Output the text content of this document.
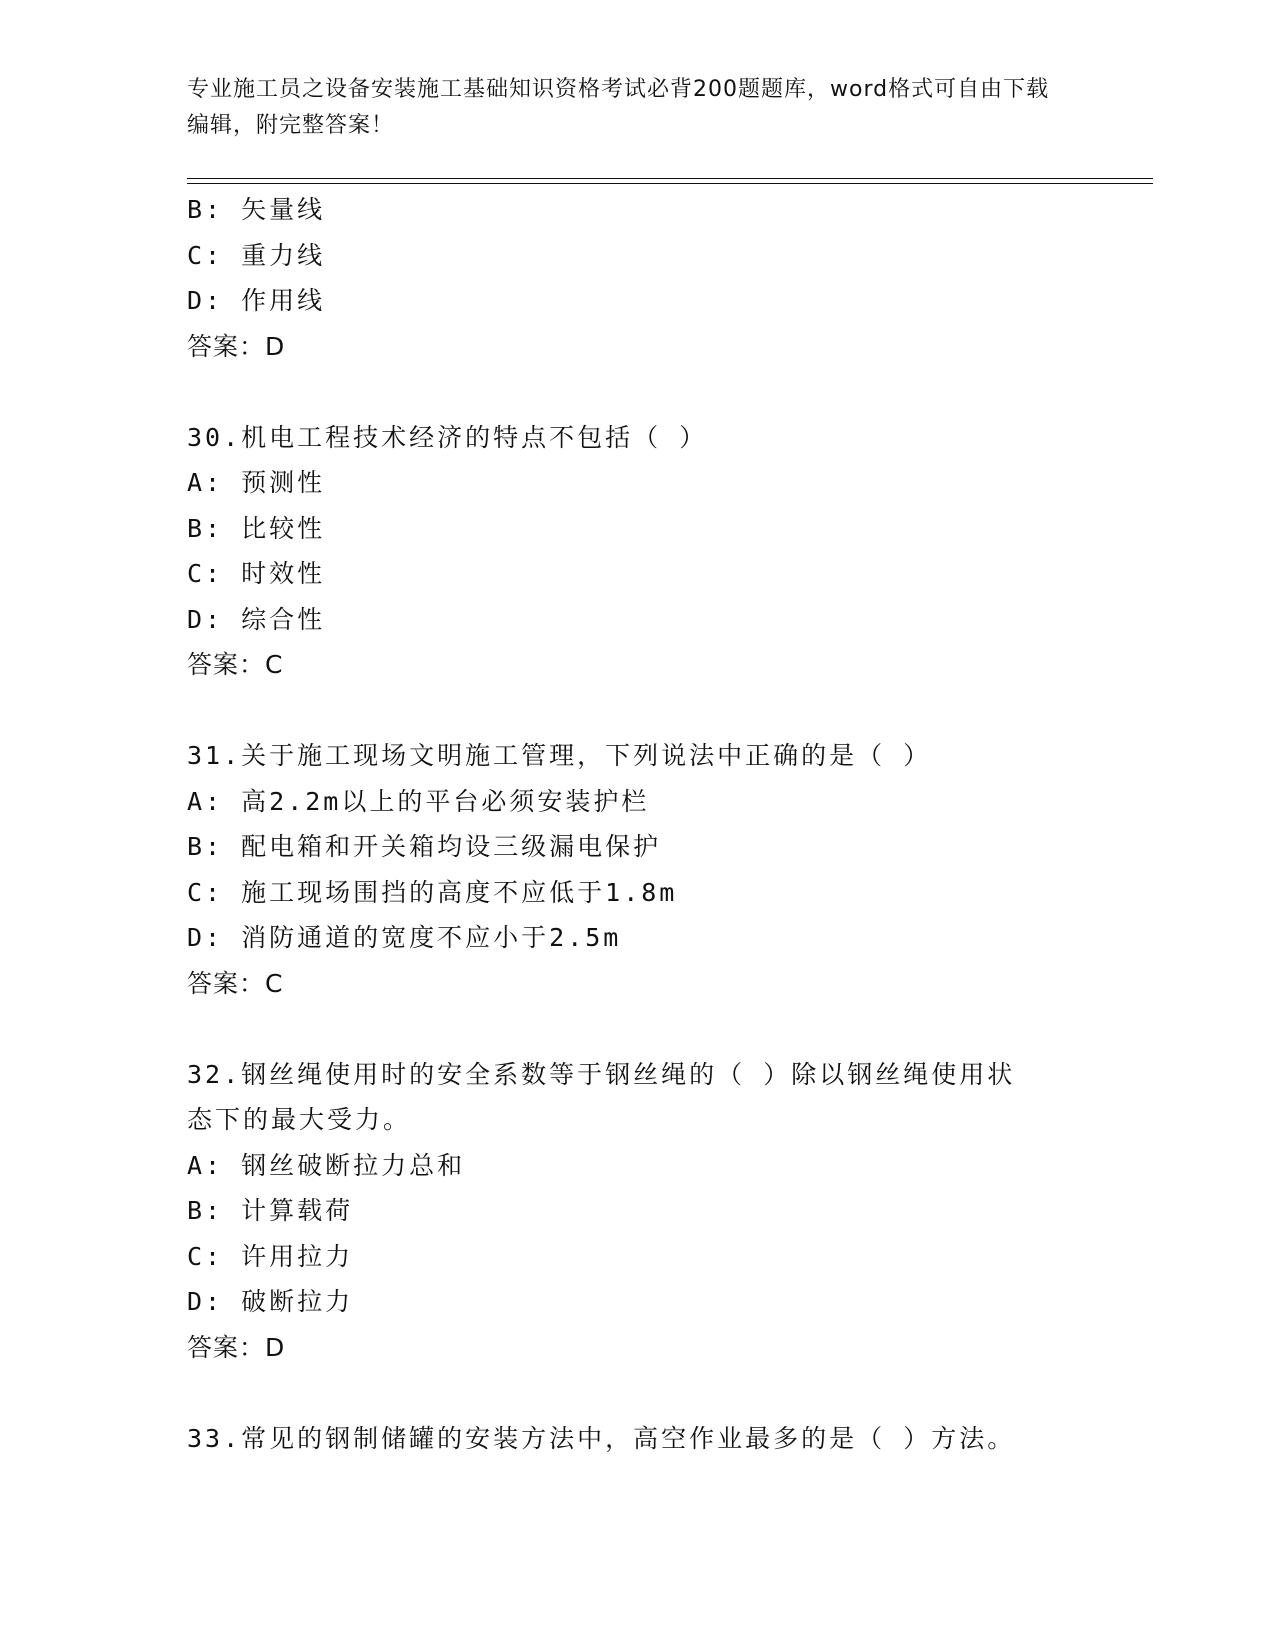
专业施工员之设备安装施工基础知识资格考试必背200题题库，word格式可自由下载编辑，附完整答案！
B: 矢量线
C: 重力线
D: 作用线
答案：D
30.机电工程技术经济的特点不包括（ ）
A: 预测性
B: 比较性
C: 时效性
D: 综合性
答案：C
31.关于施工现场文明施工管理，下列说法中正确的是（ ）
A: 高2.2m以上的平台必须安装护栏
B: 配电箱和开关箱均设三级漏电保护
C: 施工现场围挡的高度不应低于1.8m
D: 消防通道的宽度不应小于2.5m
答案：C
32.钢丝绳使用时的安全系数等于钢丝绳的（ ）除以钢丝绳使用状态下的最大受力。
A: 钢丝破断拉力总和
B: 计算载荷
C: 许用拉力
D: 破断拉力
答案：D
33.常见的钢制储罐的安装方法中，高空作业最多的是（ ）方法。
